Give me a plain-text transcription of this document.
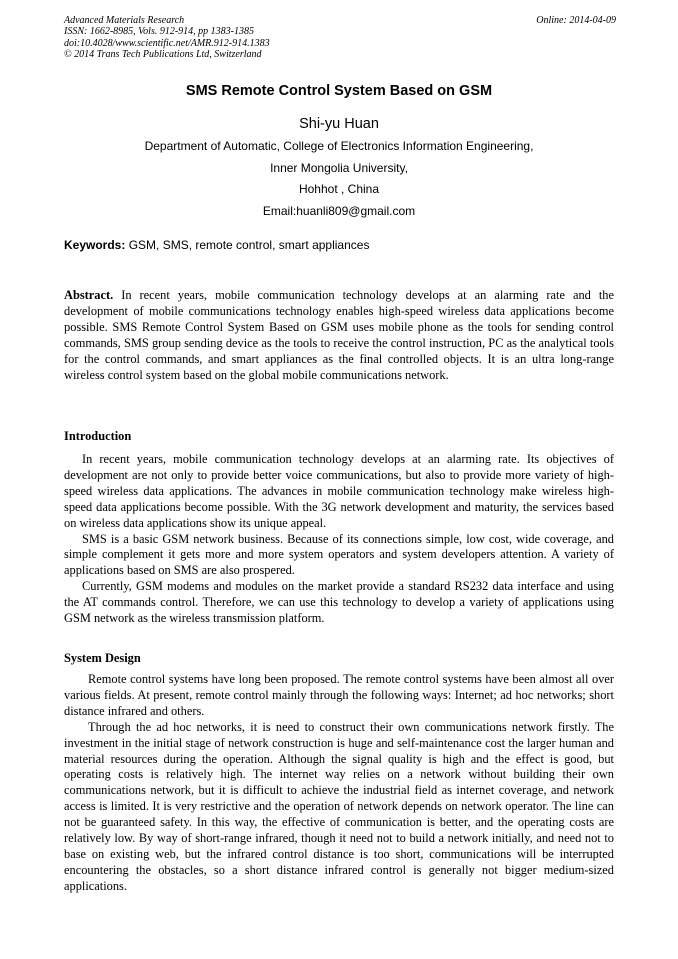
Advanced Materials Research
ISSN: 1662-8985, Vols. 912-914, pp 1383-1385
doi:10.4028/www.scientific.net/AMR.912-914.1383
© 2014 Trans Tech Publications Ltd, Switzerland
Online: 2014-04-09
SMS Remote Control System Based on GSM
Shi-yu Huan
Department of Automatic, College of Electronics Information Engineering,
Inner Mongolia University,
Hohhot , China
Email:huanli809@gmail.com
Keywords: GSM, SMS, remote control, smart appliances

Abstract. In recent years, mobile communication technology develops at an alarming rate and the development of mobile communications technology enables high-speed wireless data applications become possible. SMS Remote Control System Based on GSM uses mobile phone as the tools for sending control commands, SMS group sending device as the tools to receive the control instruction, PC as the analytical tools for the control commands, and smart appliances as the final controlled objects. It is an ultra long-range wireless control system based on the global mobile communications network.

Introduction

In recent years, mobile communication technology develops at an alarming rate. Its objectives of development are not only to provide better voice communications, but also to provide more variety of high-speed wireless data applications. The advances in mobile communication technology make wireless high-speed data applications become possible. With the 3G network development and maturity, the services based on wireless data applications show its unique appeal.

SMS is a basic GSM network business. Because of its connections simple, low cost, wide coverage, and simple complement it gets more and more system operators and system developers attention. A variety of applications based on SMS are also prospered.

Currently, GSM modems and modules on the market provide a standard RS232 data interface and using the AT commands control. Therefore, we can use this technology to develop a variety of applications using GSM network as the wireless transmission platform.

System Design

Remote control systems have long been proposed. The remote control systems have been almost all over various fields. At present, remote control mainly through the following ways: Internet; ad hoc networks; short distance infrared and others.

Through the ad hoc networks, it is need to construct their own communications network firstly. The investment in the initial stage of network construction is huge and self-maintenance cost the larger human and material resources during the operation. Although the signal quality is high and the effect is good, but operating costs is relatively high. The internet way relies on a network without building their own communications network, but it is difficult to achieve the industrial field as internet coverage, and network access is limited. It is very restrictive and the operation of network depends on network operator. The line can not be guaranteed safety. In this way, the effective of communication is better, and the operating costs are relatively low. By way of short-range infrared, though it need not to build a network initially, and need not to base on existing web, but the infrared control distance is too short, communications will be interrupted encountering the obstacles, so a short distance infrared control is generally not bigger medium-sized applications.
